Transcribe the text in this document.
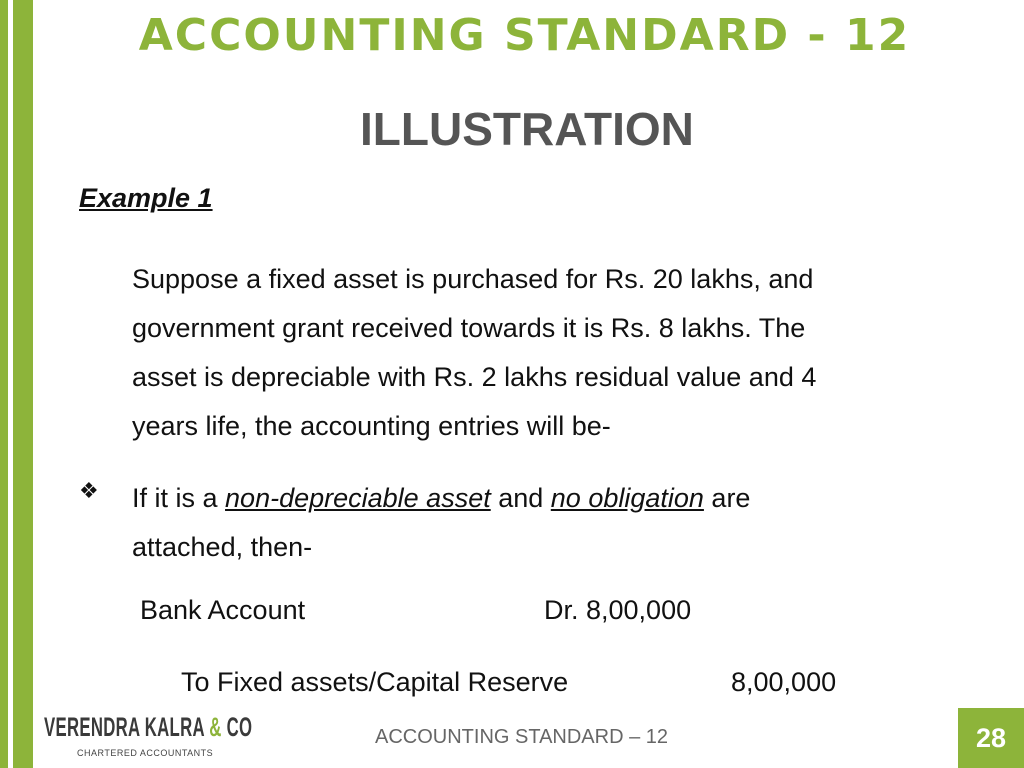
ACCOUNTING STANDARD - 12
ILLUSTRATION
Example 1
Suppose a fixed asset is purchased for Rs. 20 lakhs, and
government grant received towards it is Rs. 8 lakhs. The
asset is depreciable with Rs. 2 lakhs residual value and 4
years life, the accounting entries will be-
❖ If it is a non-depreciable asset and no obligation are
attached, then-
Bank Account	Dr. 8,00,000
To Fixed assets/Capital Reserve	8,00,000
VERENDRA KALRA & CO
CHARTERED ACCOUNTANTS
ACCOUNTING STANDARD – 12	28
